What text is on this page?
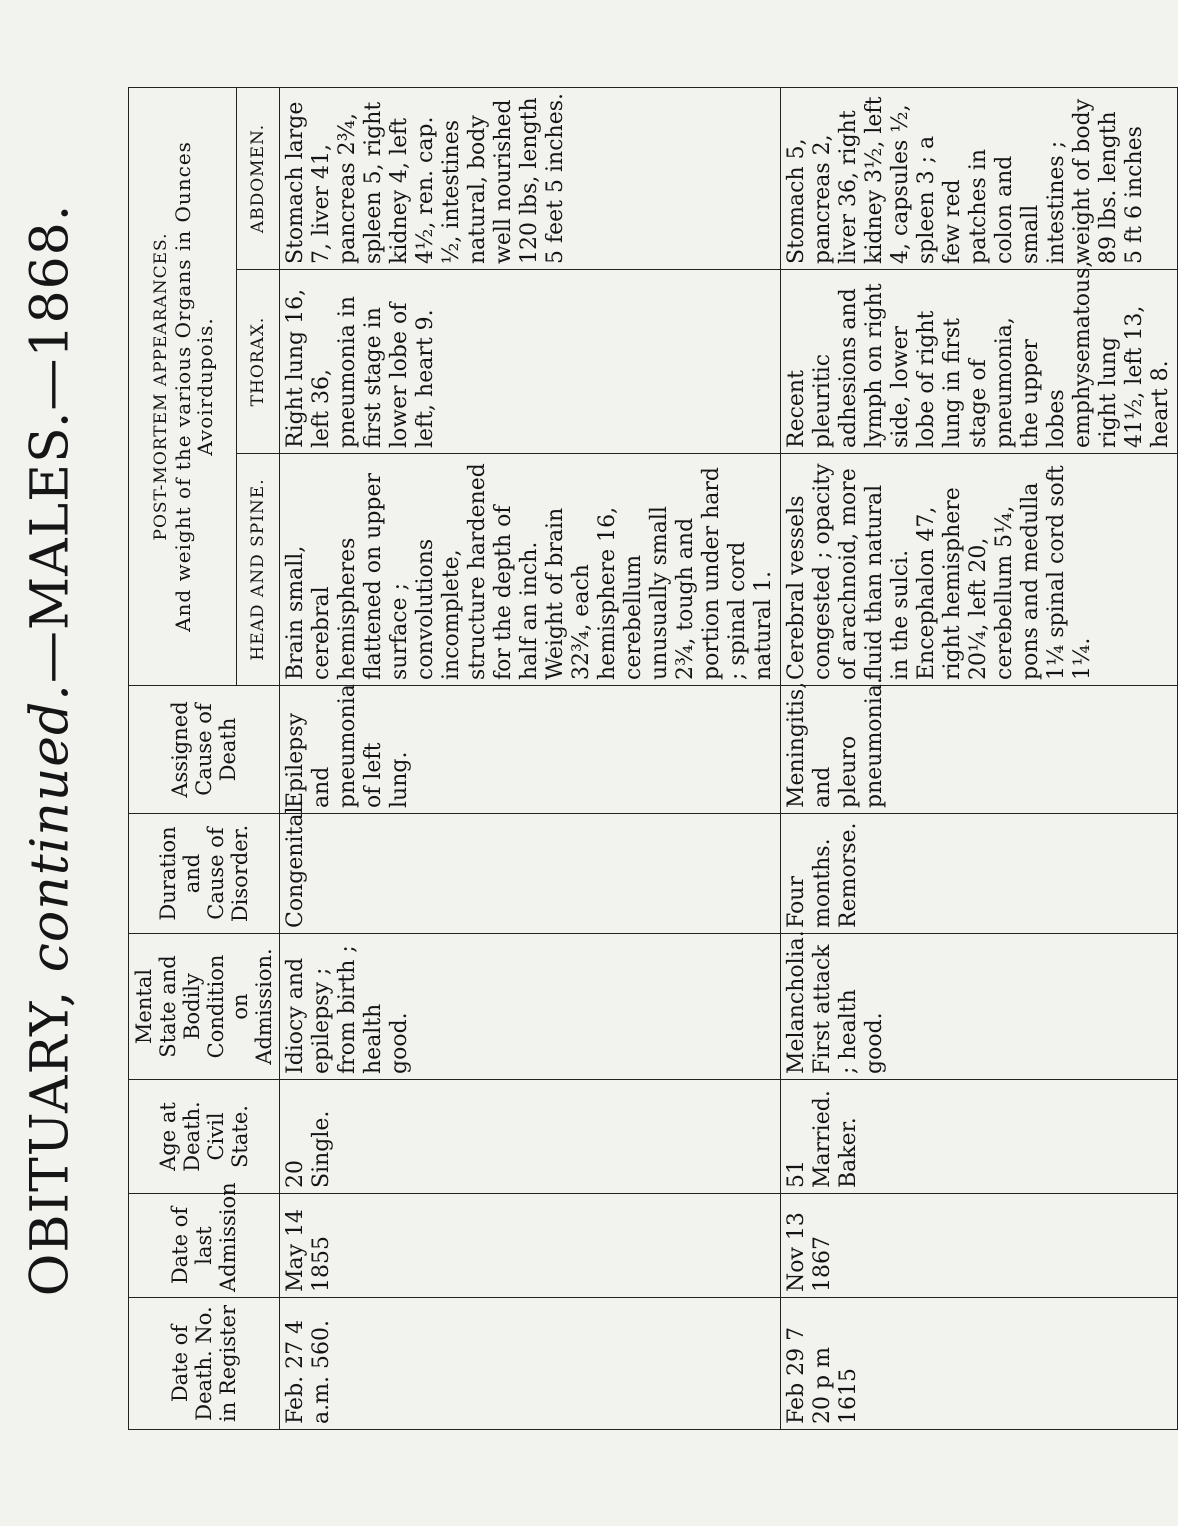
OBITUARY, continued.—MALES.—1868.
Date of Death. No. in Register	Date of last Admission	Age at Death. Civil State.	Mental State and Bodily Condition on Admission.	Duration and Cause of Disorder.	Assigned Cause of Death	POST-MORTEM APPEARANCES. And weight of the various Organs in Ounces Avoirdupois.		

						HEAD AND SPINE.	THORAX.	ABDOMEN.
Feb. 27 4 a.m. 560.	May 14 1855	20 Single.	Idiocy and epilepsy ; from birth ; health good.	Congenital.	Epilepsy and pneumonia of left lung.	Brain small, cerebral hemispheres flattened on upper surface ; convolutions incomplete, structure hardened for the depth of half an inch. Weight of brain 32¾, each hemisphere 16, cerebellum unusually small 2¾, tough and portion under hard ; spinal cord natural 1.	Right lung 16, left 36, pneumonia in first stage in lower lobe of left, heart 9.	Stomach large 7, liver 41, pancreas 2¾, spleen 5, right kidney 4, left 4½, ren. cap. ½, intestines natural, body well nourished 120 lbs, length 5 feet 5 inches.
Feb 29 7 20 p m 1615	Nov 13 1867	51 Married. Baker.	Melancholia. First attack ; health good.	Four months. Remorse.	Meningitis, and pleuro pneumonia.	Cerebral vessels congested ; opacity of arachnoid, more fluid than natural in the sulci. Encephalon 47, right hemisphere 20¼, left 20, cerebellum 5¼, pons and medulla 1¼ spinal cord soft 1¼.	Recent pleuritic adhesions and lymph on right side, lower lobe of right lung in first stage of pneumonia, the upper lobes emphysematous, right lung 41½, left 13, heart 8.	Stomach 5, pancreas 2, liver 36, right kidney 3½, left 4, capsules ½, spleen 3 ; a few red patches in colon and small intestines ; weight of body 89 lbs. length 5 ft 6 inches
